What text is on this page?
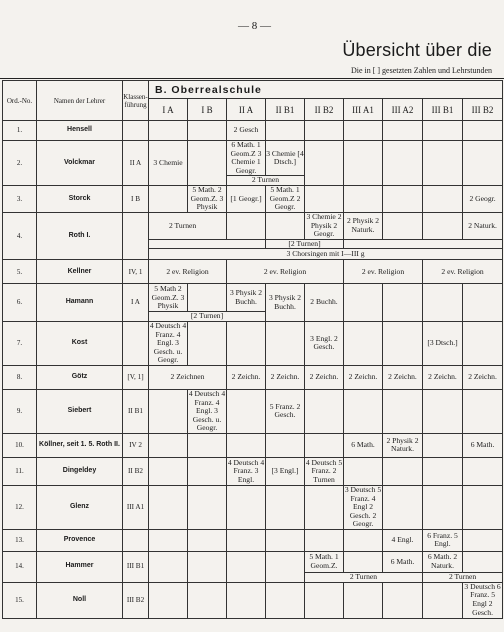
— 8 —
Übersicht über die
Die in [ ] gesetzten Zahlen und Lehrstunden
Ord.-No.	Namen der Lehrer	Klassen-führung	B. Oberrealschule								
			I A	I B	II A	II B1	II B2	III A1	III A2	III B1	III B2
1.	Hensell				2 Gesch						
2.	Volckmar	II A	3 Chemie		6 Math. 1 Geom.Z 3 Chemie 1 Geogr.	3 Chemie [4 Dtsch.]					
					2 Turnen						
3.	Storck	I B		5 Math. 2 Geom.Z. 3 Physik	[1 Geogr.]	5 Math. 1 Geom.Z 2 Geogr.					2 Geogr.
4.	Roth I.		2 Turnen				3 Chemie 2 Physik 2 Geogr.	2 Physik 2 Naturk.			2 Naturk.
						[2 Turnen]					
			3 Chorsingen mit I—III g								
5.	Kellner	IV, 1	2 ev. Religion		2 ev. Religion			2 ev. Religion		2 ev. Religion	
6.	Hamann	I A	5 Math 2 Geom.Z. 3 Physik		3 Physik 2 Buchh.	3 Physik 2 Buchh.	2 Buchh.				
			[2 Turnen]								
7.	Kost		4 Deutsch 4 Franz. 4 Engl. 3 Gesch. u. Geogr.				3 Engl. 2 Gesch.			[3 Dtsch.]	
8.	Götz	[V, 1]	2 Zeichnen		2 Zeichn.	2 Zeichn.	2 Zeichn.	2 Zeichn.	2 Zeichn.	2 Zeichn.	2 Zeichn.
9.	Siebert	II B1		4 Deutsch 4 Franz. 4 Engl. 3 Gesch. u. Geogr.		5 Franz. 2 Gesch.					
10.	Köllner, seit 1. 5. Roth II.	IV 2						6 Math.	2 Physik 2 Naturk.		6 Math.
11.	Dingeldey	II B2			4 Deutsch 4 Franz. 3 Engl.	[3 Engl.]	4 Deutsch 5 Franz. 2 Turnen				
12.	Glenz	III A1						3 Deutsch 5 Franz. 4 Engl 2 Gesch. 2 Geogr.			
13.	Provence								4 Engl.	6 Franz. 5 Engl.	
14.	Hammer	III B1					5 Math. 1 Geom.Z.		6 Math.	6 Math. 2 Naturk.	
							2 Turnen			2 Turnen	
15.	Noll	III B2									3 Deutsch 6 Franz. 5 Engl 2 Gesch.
